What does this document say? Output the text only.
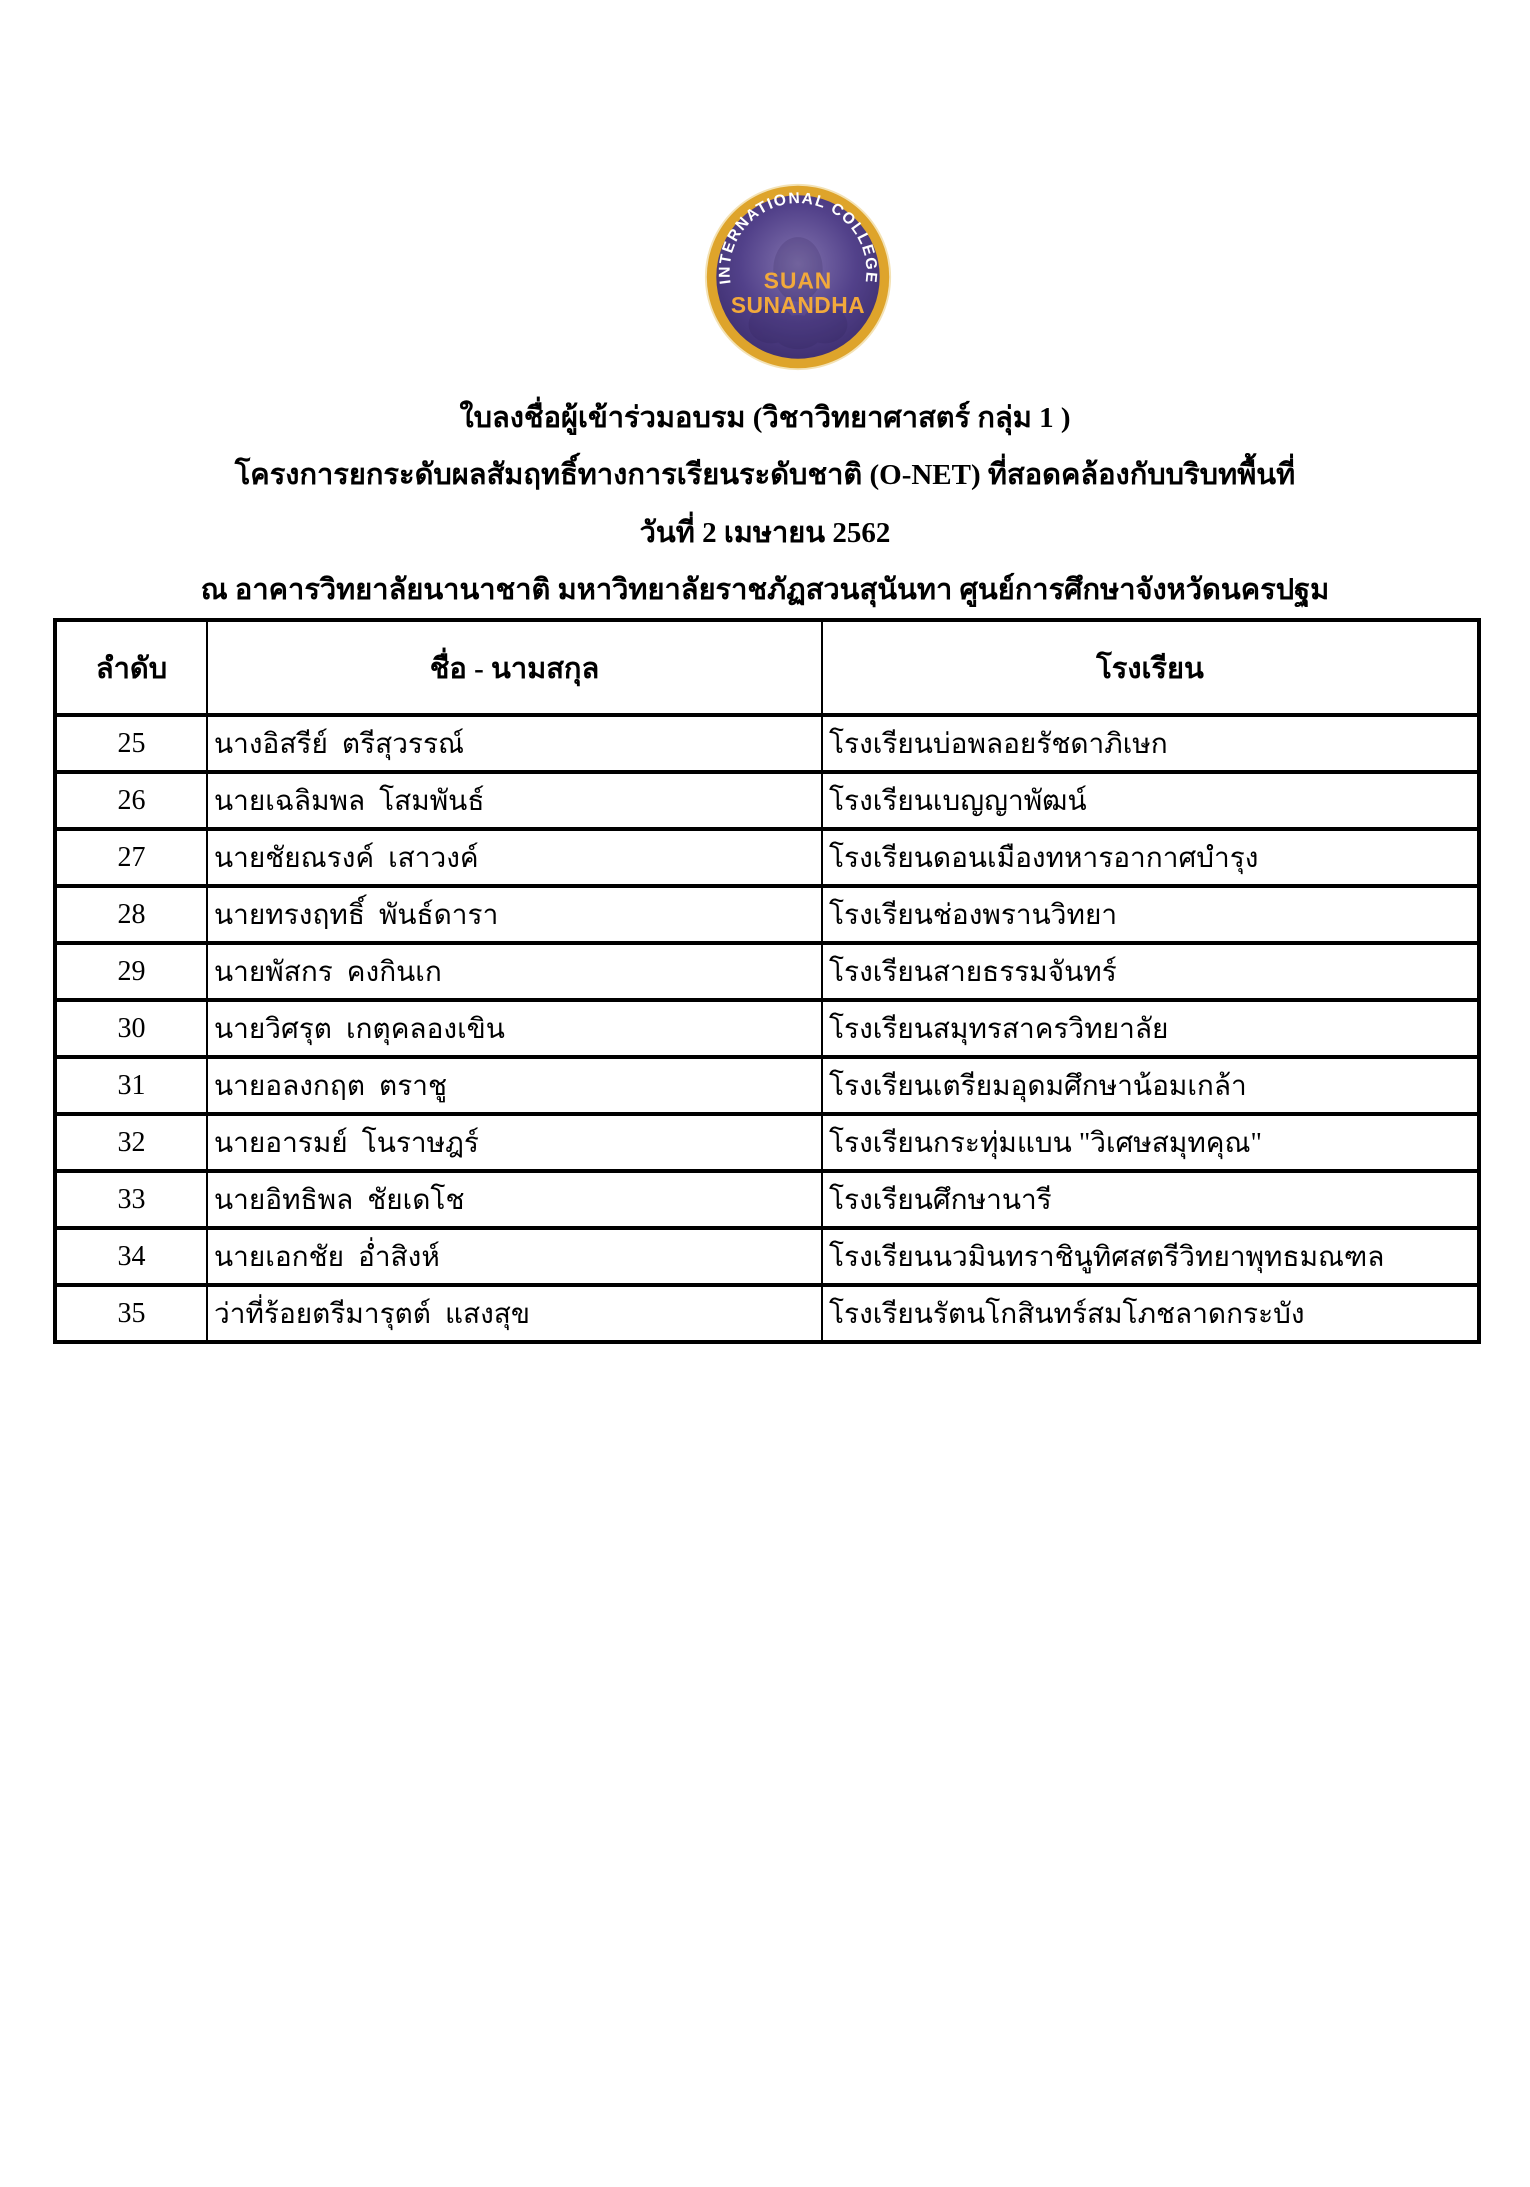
INTERNATIONAL COLLEGE
SUAN
SUNANDHA
ใบลงชื่อผู้เข้าร่วมอบรม (วิชาวิทยาศาสตร์ กลุ่ม 1 )
โครงการยกระดับผลสัมฤทธิ์ทางการเรียนระดับชาติ (O-NET) ที่สอดคล้องกับบริบทพื้นที่
วันที่ 2 เมษายน 2562
ณ อาคารวิทยาลัยนานาชาติ มหาวิทยาลัยราชภัฏสวนสุนันทา ศูนย์การศึกษาจังหวัดนครปฐม
ลำดับ	ชื่อ - นามสกุล	โรงเรียน
25	นางอิสรีย์  ตรีสุวรรณ์	โรงเรียนบ่อพลอยรัชดาภิเษก
26	นายเฉลิมพล  โสมพันธ์	โรงเรียนเบญญาพัฒน์
27	นายชัยณรงค์  เสาวงค์	โรงเรียนดอนเมืองทหารอากาศบำรุง
28	นายทรงฤทธิ์  พันธ์ดารา	โรงเรียนช่องพรานวิทยา
29	นายพัสกร  คงกินเก	โรงเรียนสายธรรมจันทร์
30	นายวิศรุต  เกตุคลองเขิน	โรงเรียนสมุทรสาครวิทยาลัย
31	นายอลงกฤต  ตราชู	โรงเรียนเตรียมอุดมศึกษาน้อมเกล้า
32	นายอารมย์  โนราษฎร์	โรงเรียนกระทุ่มแบน "วิเศษสมุทคุณ"
33	นายอิทธิพล  ชัยเดโช	โรงเรียนศึกษานารี
34	นายเอกชัย  อ่ำสิงห์	โรงเรียนนวมินทราชินูทิศสตรีวิทยาพุทธมณฑล
35	ว่าที่ร้อยตรีมารุตต์  แสงสุข	โรงเรียนรัตนโกสินทร์สมโภชลาดกระบัง
